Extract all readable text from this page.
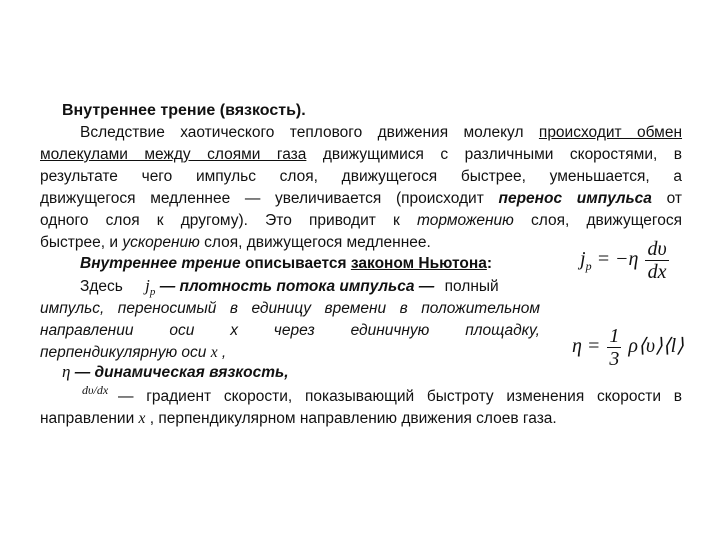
Внутреннее трение (вязкость).
Вследствие хаотического теплового движения молекул происходит обмен
молекулами между слоями газа движущимися с различными скоростями, в
результате чего импульс слоя, движущегося быстрее, уменьшается, а
движущегося медленнее — увеличивается (происходит перенос импульса от
одного слоя к другому). Это приводит к торможению слоя, движущегося
быстрее, и ускорению слоя, движущегося медленнее.
Внутреннее трение описывается законом Ньютона:
Здесь $j_p$ — плотность потока импульса — полный
импульс, переносимый в единицу времени в положительном
направлении оси x через единичную площадку,
перпендикулярную оси x ,
η — динамическая вязкость,
dυ/dx — градиент скорости, показывающий быстроту изменения скорости в
направлении x , перпендикулярном направлению движения слоев газа.
$j_p = -\eta \frac{d\upsilon}{dx}$
$\eta = \frac{1}{3}$ ρ⟨υ⟩⟨l⟩
